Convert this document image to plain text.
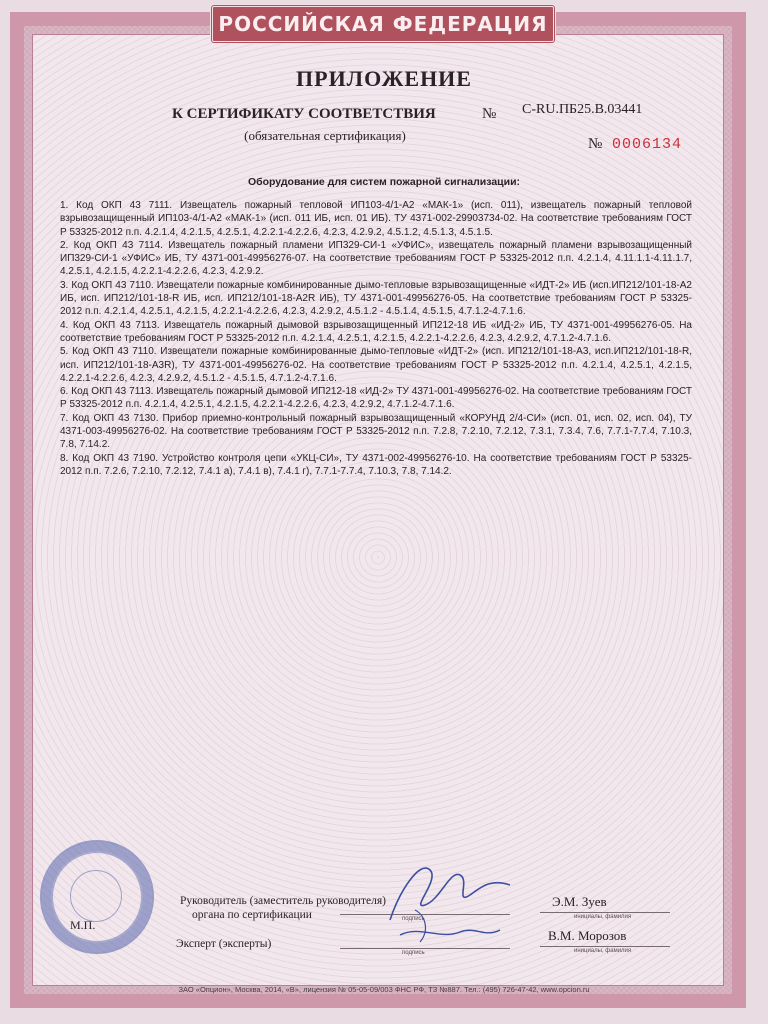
РОССИЙСКАЯ ФЕДЕРАЦИЯ
ПРИЛОЖЕНИЕ
К СЕРТИФИКАТУ СООТВЕТСТВИЯ	№ C-RU.ПБ25.В.03441
(обязательная сертификация)
№ 0006134
Оборудование для систем пожарной сигнализации:

1. Код ОКП 43 7111. Извещатель пожарный тепловой ИП103-4/1-А2 «МАК-1» (исп. 011), извещатель пожарный тепловой взрывозащищенный ИП103-4/1-А2 «МАК-1» (исп. 011 ИБ, исп. 01 ИБ). ТУ 4371-002-29903734-02. На соответствие требованиям ГОСТ Р 53325-2012 п.п. 4.2.1.4, 4.2.1.5, 4.2.5.1, 4.2.2.1-4.2.2.6, 4.2.3, 4.2.9.2, 4.5.1.2, 4.5.1.3, 4.5.1.5.

2. Код ОКП 43 7114. Извещатель пожарный пламени ИП329-СИ-1 «УФИС», извещатель пожарный пламени взрывозащищенный ИП329-СИ-1 «УФИС» ИБ, ТУ 4371-001-49956276-07. На соответствие требованиям ГОСТ Р 53325-2012 п.п. 4.2.1.4, 4.11.1.1-4.11.1.7, 4.2.5.1, 4.2.1.5, 4.2.2.1-4.2.2.6, 4.2.3, 4.2.9.2.

3. Код ОКП 43 7110. Извещатели пожарные комбинированные дымо-тепловые взрывозащищенные «ИДТ-2» ИБ (исп.ИП212/101-18-А2 ИБ, исп. ИП212/101-18-R ИБ, исп. ИП212/101-18-A2R ИБ), ТУ 4371-001-49956276-05. На соответствие требованиям ГОСТ Р 53325-2012 п.п. 4.2.1.4, 4.2.5.1, 4.2.1.5, 4.2.2.1-4.2.2.6, 4.2.3, 4.2.9.2, 4.5.1.2 - 4.5.1.4, 4.5.1.5, 4.7.1.2-4.7.1.6.

4. Код ОКП 43 7113. Извещатель пожарный дымовой взрывозащищенный ИП212-18 ИБ «ИД-2» ИБ, ТУ 4371-001-49956276-05. На соответствие требованиям ГОСТ Р 53325-2012 п.п. 4.2.1.4, 4.2.5.1, 4.2.1.5, 4.2.2.1-4.2.2.6, 4.2.3, 4.2.9.2, 4.7.1.2-4.7.1.6.

5. Код ОКП 43 7110. Извещатели пожарные комбинированные дымо-тепловые «ИДТ-2» (исп. ИП212/101-18-А3, исп.ИП212/101-18-R, исп. ИП212/101-18-A3R), ТУ 4371-001-49956276-02. На соответствие требованиям ГОСТ Р 53325-2012 п.п. 4.2.1.4, 4.2.5.1, 4.2.1.5, 4.2.2.1-4.2.2.6, 4.2.3, 4.2.9.2, 4.5.1.2 - 4.5.1.5, 4.7.1.2-4.7.1.6.

6. Код ОКП 43 7113. Извещатель пожарный дымовой ИП212-18 «ИД-2» ТУ 4371-001-49956276-02. На соответствие требованиям ГОСТ Р 53325-2012 п.п. 4.2.1.4, 4.2.5.1, 4.2.1.5, 4.2.2.1-4.2.2.6, 4.2.3, 4.2.9.2, 4.7.1.2-4.7.1.6.

7. Код ОКП 43 7130. Прибор приемно-контрольный пожарный взрывозащищенный «КОРУНД 2/4-СИ» (исп. 01, исп. 02, исп. 04), ТУ 4371-003-49956276-02. На соответствие требованиям ГОСТ Р 53325-2012 п.п. 7.2.8, 7.2.10, 7.2.12, 7.3.1, 7.3.4, 7.6, 7.7.1-7.7.4, 7.10.3, 7.8, 7.14.2.

8. Код ОКП 43 7190. Устройство контроля цепи «УКЦ-СИ», ТУ 4371-002-49956276-10. На соответствие требованиям ГОСТ Р 53325-2012 п.п. 7.2.6, 7.2.10, 7.2.12, 7.4.1 а), 7.4.1 в), 7.4.1 г), 7.7.1-7.7.4, 7.10.3, 7.8, 7.14.2.

Руководитель (заместитель руководителя)
органа по сертификации
М.П.
Эксперт (эксперты)
подпись
подпись
инициалы, фамилия
инициалы, фамилия
Э.М. Зуев
В.М. Морозов
ЗАО «Опцион», Москва, 2014, «В», лицензия № 05-05-09/003 ФНС РФ, ТЗ №887. Тел.: (495) 726-47-42, www.opcion.ru
